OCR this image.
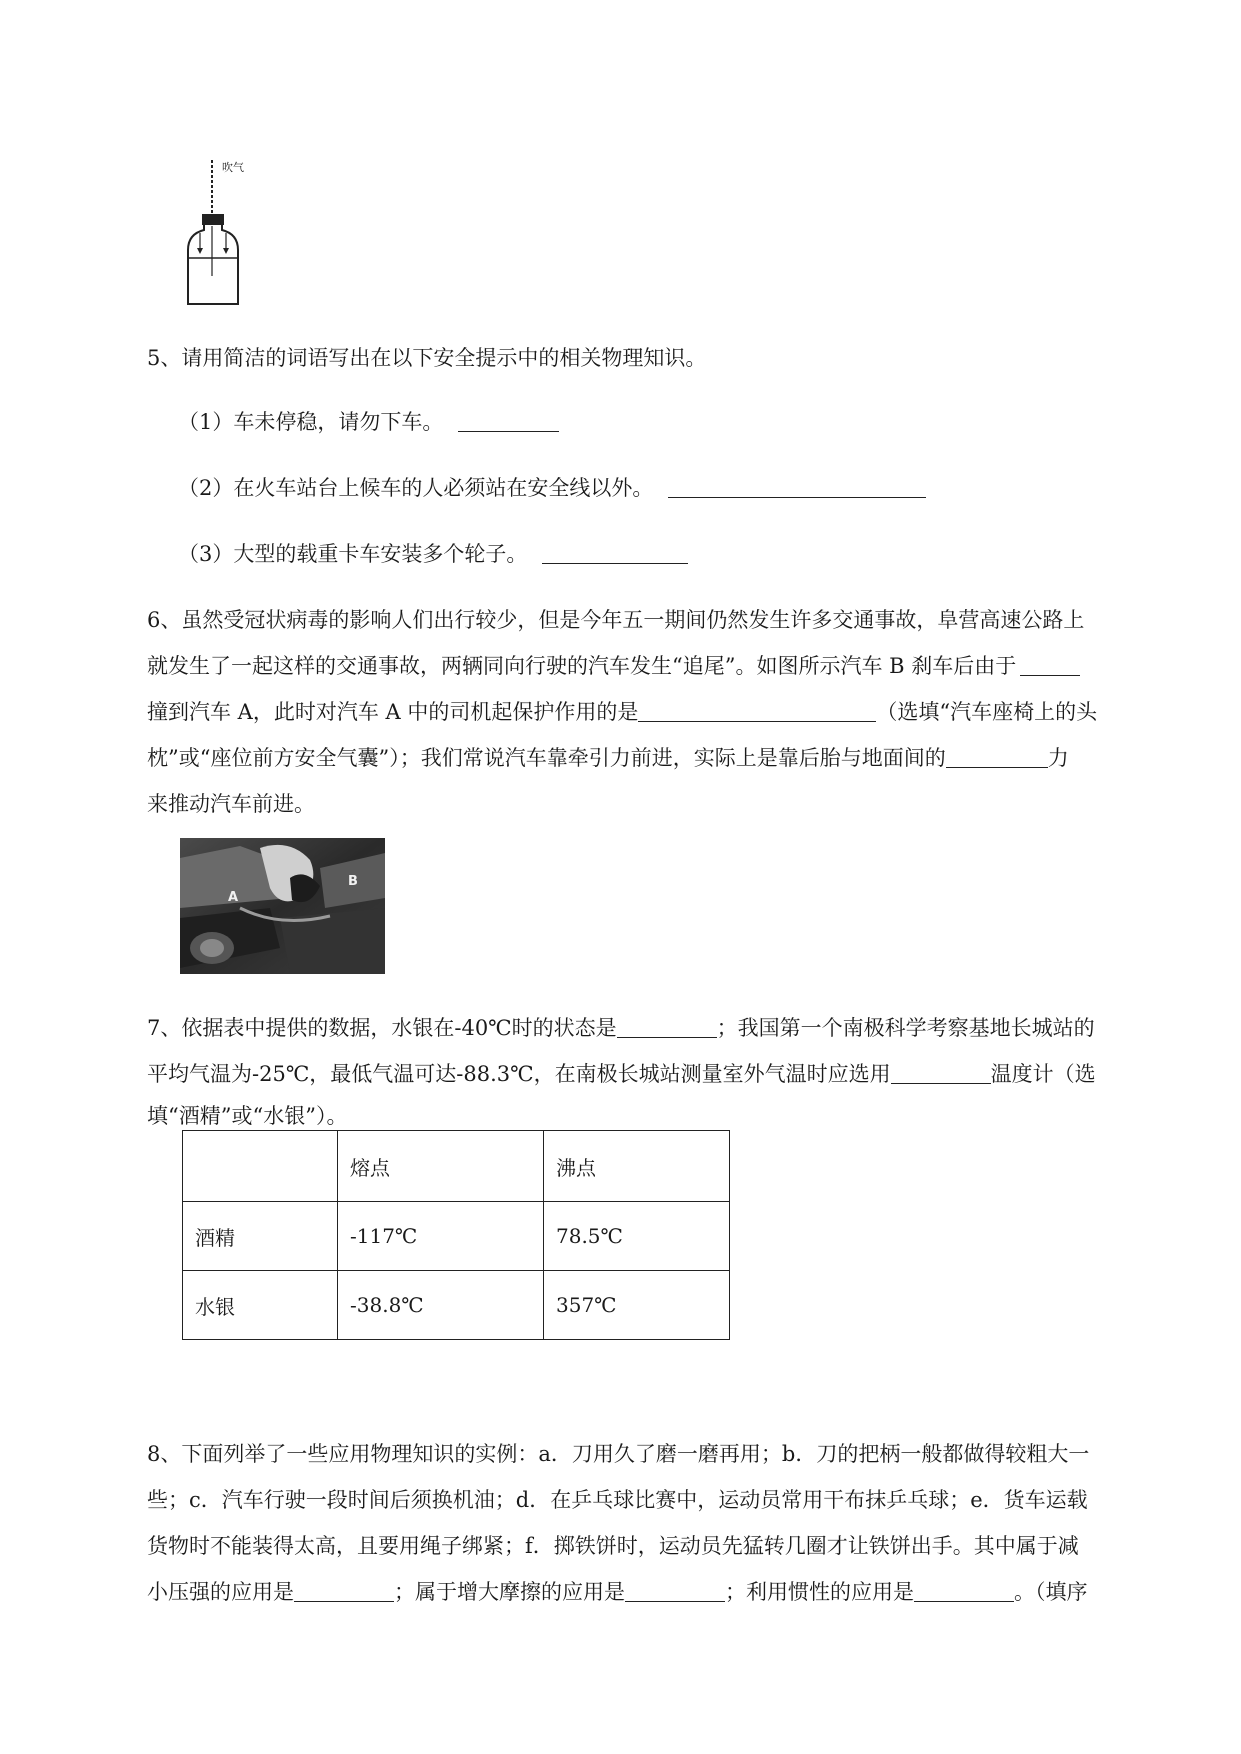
吹气
5、请用简洁的词语写出在以下安全提示中的相关物理知识。
（1）车未停稳，请勿下车。
（2）在火车站台上候车的人必须站在安全线以外。
（3）大型的载重卡车安装多个轮子。
6、虽然受冠状病毒的影响人们出行较少，但是今年五一期间仍然发生许多交通事故，阜营高速公路上
就发生了一起这样的交通事故，两辆同向行驶的汽车发生“追尾”。如图所示汽车 B 刹车后由于
撞到汽车 A，此时对汽车 A 中的司机起保护作用的是	（选填“汽车座椅上的头
枕”或“座位前方安全气囊”）；我们常说汽车靠牵引力前进，实际上是靠后胎与地面间的	力
来推动汽车前进。
A
B
7、依据表中提供的数据，水银在-40℃时的状态是	；我国第一个南极科学考察基地长城站的
平均气温为-25℃，最低气温可达-88.3℃，在南极长城站测量室外气温时应选用	温度计（选
填“酒精”或“水银”）。
	熔点	沸点
酒精	-117℃	78.5℃
水银	-38.8℃	357℃
8、下面列举了一些应用物理知识的实例：a．刀用久了磨一磨再用；b．刀的把柄一般都做得较粗大一
些；c．汽车行驶一段时间后须换机油；d．在乒乓球比赛中，运动员常用干布抹乒乓球；e．货车运载
货物时不能装得太高，且要用绳子绑紧；f．掷铁饼时，运动员先猛转几圈才让铁饼出手。其中属于减
小压强的应用是	；属于增大摩擦的应用是	；利用惯性的应用是	。（填序
